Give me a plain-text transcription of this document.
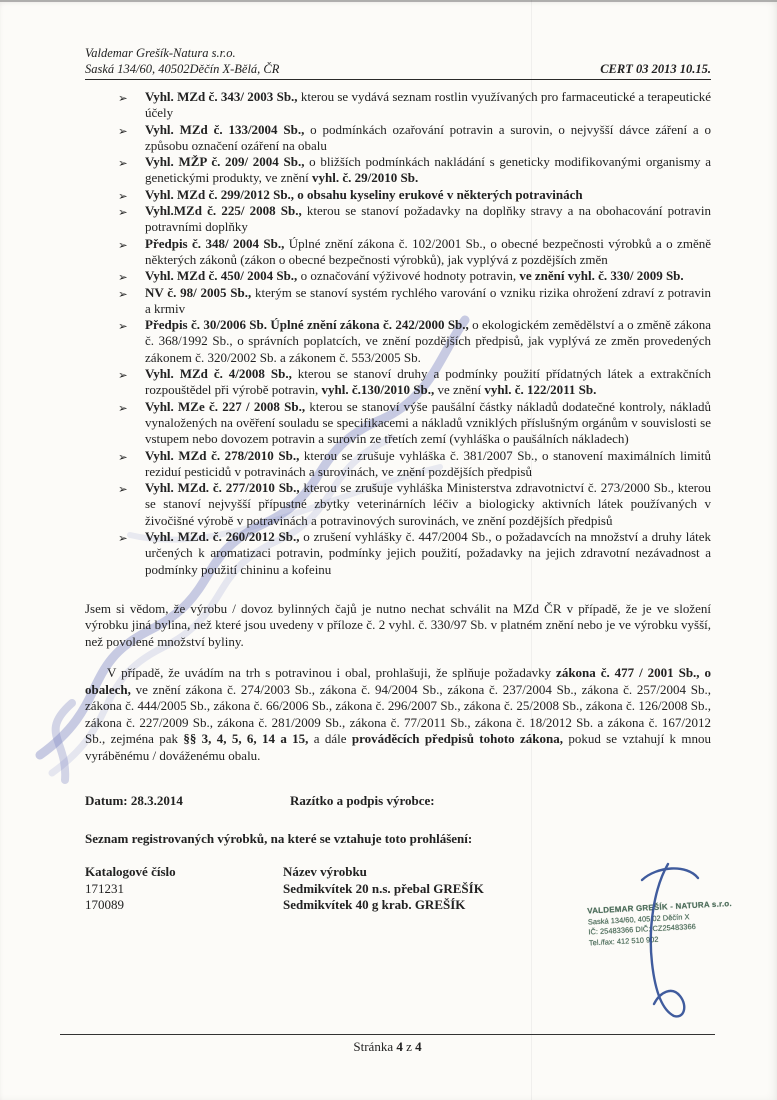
Valdemar Grešík-Natura s.r.o.
Saská 134/60, 40502Děčín X-Bělá, ČR	CERT 03 2013 10.15.
➢ Vyhl. MZd č. 343/ 2003 Sb., kterou se vydává seznam rostlin využívaných pro farmaceutické a terapeutické účely
➢ Vyhl. MZd č. 133/2004 Sb., o podmínkách ozařování potravin a surovin, o nejvyšší dávce záření a o způsobu označení ozáření na obalu
➢ Vyhl. MŽP č. 209/ 2004 Sb., o bližších podmínkách nakládání s geneticky modifikovanými organismy a genetickými produkty, ve znění vyhl. č. 29/2010 Sb.
➢ Vyhl. MZd č. 299/2012 Sb., o obsahu kyseliny erukové v některých potravinách
➢ Vyhl.MZd č. 225/ 2008 Sb., kterou se stanoví požadavky na doplňky stravy a na obohacování potravin potravními doplňky
➢ Předpis č. 348/ 2004 Sb., Úplné znění zákona č. 102/2001 Sb., o obecné bezpečnosti výrobků a o změně některých zákonů (zákon o obecné bezpečnosti výrobků), jak vyplývá z pozdějších změn
➢ Vyhl. MZd č. 450/ 2004 Sb., o označování výživové hodnoty potravin, ve znění vyhl. č. 330/ 2009 Sb.
➢ NV č. 98/ 2005 Sb., kterým se stanoví systém rychlého varování o vzniku rizika ohrožení zdraví z potravin a krmiv
➢ Předpis č. 30/2006 Sb. Úplné znění zákona č. 242/2000 Sb., o ekologickém zemědělství a o změně zákona č. 368/1992 Sb., o správních poplatcích, ve znění pozdějších předpisů, jak vyplývá ze změn provedených zákonem č. 320/2002 Sb. a zákonem č. 553/2005 Sb.
➢ Vyhl. MZd č. 4/2008 Sb., kterou se stanoví druhy a podmínky použití přídatných látek a extrakčních rozpouštědel při výrobě potravin, vyhl. č.130/2010 Sb., ve znění vyhl. č. 122/2011 Sb.
➢ Vyhl. MZe č. 227 / 2008 Sb., kterou se stanoví výše paušální částky nákladů dodatečné kontroly, nákladů vynaložených na ověření souladu se specifikacemi a nákladů vzniklých příslušným orgánům v souvislosti se vstupem nebo dovozem potravin a surovin ze třetích zemí (vyhláška o paušálních nákladech)
➢ Vyhl. MZd č. 278/2010 Sb., kterou se zrušuje vyhláška č. 381/2007 Sb., o stanovení maximálních limitů reziduí pesticidů v potravinách a surovinách, ve znění pozdějších předpisů
➢ Vyhl. MZd. č. 277/2010 Sb., kterou se zrušuje vyhláška Ministerstva zdravotnictví č. 273/2000 Sb., kterou se stanoví nejvyšší přípustné zbytky veterinárních léčiv a biologicky aktivních látek používaných v živočišné výrobě v potravinách a potravinových surovinách, ve znění pozdějších předpisů
➢ Vyhl. MZd. č. 260/2012 Sb., o zrušení vyhlášky č. 447/2004 Sb., o požadavcích na množství a druhy látek určených k aromatizaci potravin, podmínky jejich použití, požadavky na jejich zdravotní nezávadnost a podmínky použití chininu a kofeinu

Jsem si vědom, že výrobu / dovoz bylinných čajů je nutno nechat schválit na MZd ČR v případě, že je ve složení výrobku jiná bylina, než které jsou uvedeny v příloze č. 2 vyhl. č. 330/97 Sb. v platném znění nebo je ve výrobku vyšší, než povolené množství byliny.

V případě, že uvádím na trh s potravinou i obal, prohlašuji, že splňuje požadavky zákona č. 477 / 2001 Sb., o obalech, ve znění zákona č. 274/2003 Sb., zákona č. 94/2004 Sb., zákona č. 237/2004 Sb., zákona č. 257/2004 Sb., zákona č. 444/2005 Sb., zákona č. 66/2006 Sb., zákona č. 296/2007 Sb., zákona č. 25/2008 Sb., zákona č. 126/2008 Sb., zákona č. 227/2009 Sb., zákona č. 281/2009 Sb., zákona č. 77/2011 Sb., zákona č. 18/2012 Sb. a zákona č. 167/2012 Sb., zejména pak §§ 3, 4, 5, 6, 14 a 15, a dále prováděcích předpisů tohoto zákona, pokud se vztahují k mnou vyráběnému / dováženému obalu.

Datum: 28.3.2014	Razítko a podpis výrobce:

Seznam registrovaných výrobků, na které se vztahuje toto prohlášení:

Katalogové číslo	Název výrobku
171231	Sedmikvítek 20 n.s. přebal GREŠÍK
170089	Sedmikvítek 40 g krab. GREŠÍK	VALDEMAR GREŠÍK - NATURA s.r.o.
Saská 134/60, 405 02 Děčín X
IČ: 25483366 DIČ: CZ25483366
Tel./fax: 412 510 902
Stránka 4 z 4
